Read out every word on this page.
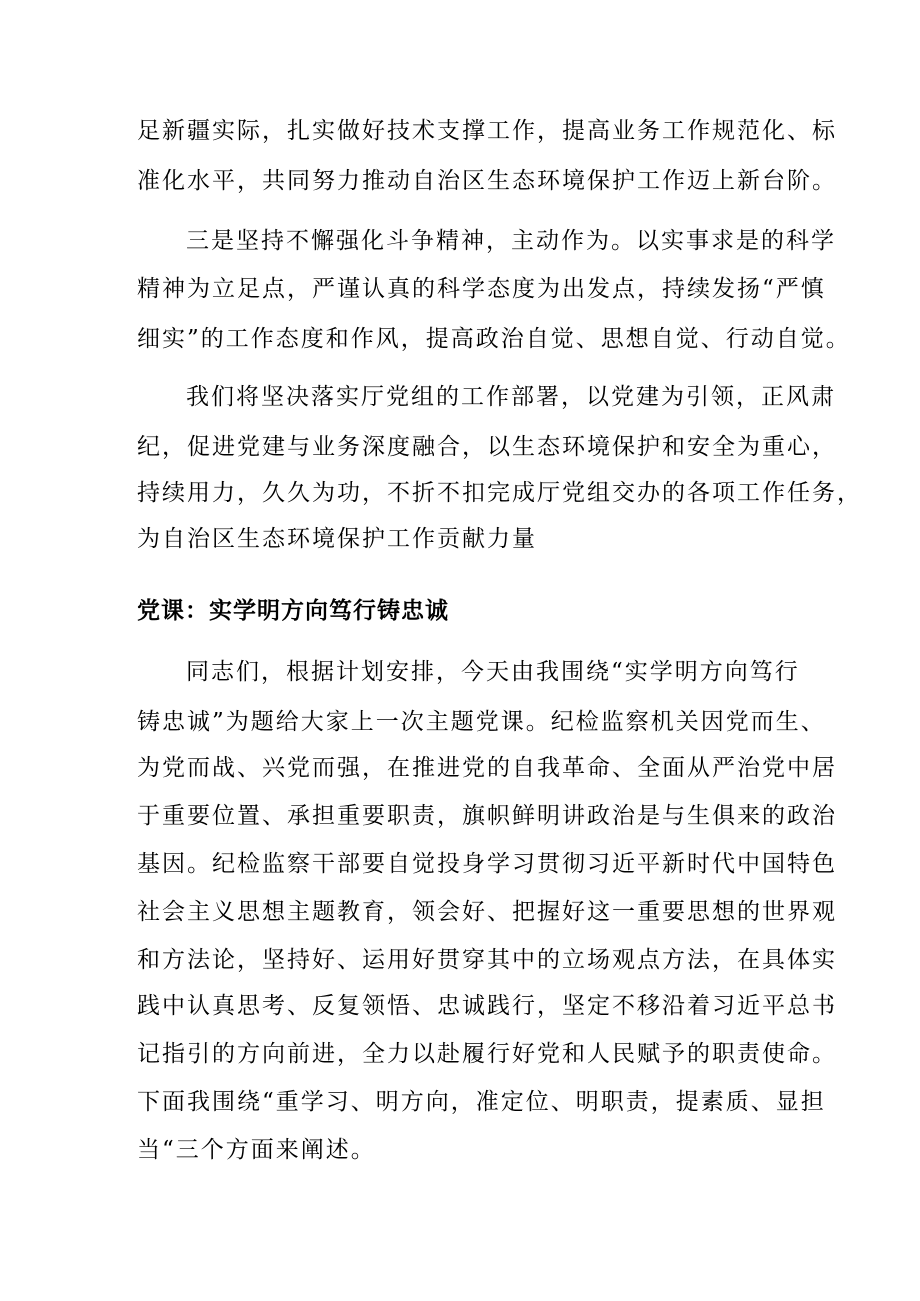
足新疆实际，扎实做好技术支撑工作，提高业务工作规范化、标
准化水平，共同努力推动自治区生态环境保护工作迈上新台阶。
三是坚持不懈强化斗争精神，主动作为。以实事求是的科学
精神为立足点，严谨认真的科学态度为出发点，持续发扬“严慎
细实”的工作态度和作风，提高政治自觉、思想自觉、行动自觉。
我们将坚决落实厅党组的工作部署，以党建为引领，正风肃
纪，促进党建与业务深度融合，以生态环境保护和安全为重心，
持续用力，久久为功，不折不扣完成厅党组交办的各项工作任务，
为自治区生态环境保护工作贡献力量
党课：实学明方向笃行铸忠诚
同志们，根据计划安排，今天由我围绕“实学明方向笃行
铸忠诚”为题给大家上一次主题党课。纪检监察机关因党而生、
为党而战、兴党而强，在推进党的自我革命、全面从严治党中居
于重要位置、承担重要职责，旗帜鲜明讲政治是与生俱来的政治
基因。纪检监察干部要自觉投身学习贯彻习近平新时代中国特色
社会主义思想主题教育，领会好、把握好这一重要思想的世界观
和方法论，坚持好、运用好贯穿其中的立场观点方法，在具体实
践中认真思考、反复领悟、忠诚践行，坚定不移沿着习近平总书
记指引的方向前进，全力以赴履行好党和人民赋予的职责使命。
下面我围绕“重学习、明方向，准定位、明职责，提素质、显担
当“三个方面来阐述。
